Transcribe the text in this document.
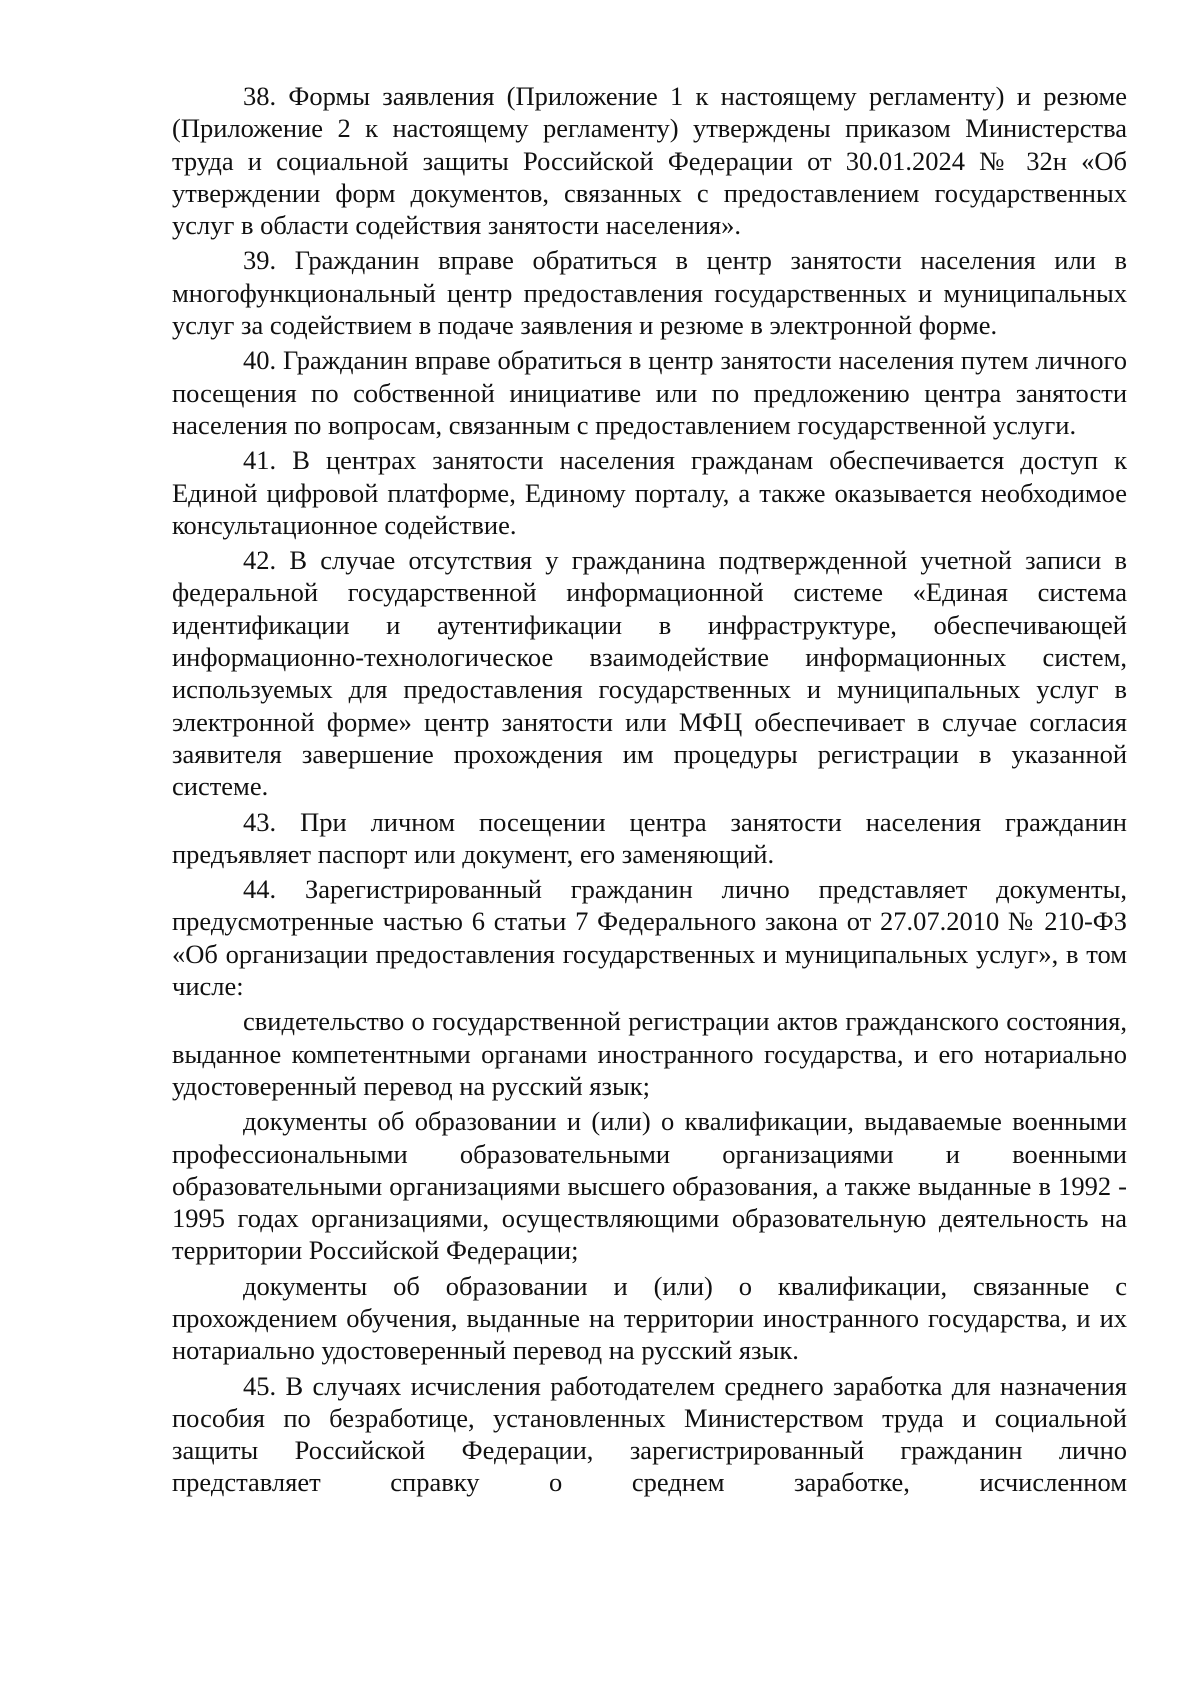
38. Формы заявления (Приложение 1 к настоящему регламенту) и резюме (Приложение 2 к настоящему регламенту) утверждены приказом Министерства труда и социальной защиты Российской Федерации от 30.01.2024 № 32н «Об утверждении форм документов, связанных с предоставлением государственных услуг в области содействия занятости населения».

39. Гражданин вправе обратиться в центр занятости населения или в многофункциональный центр предоставления государственных и муниципальных услуг за содействием в подаче заявления и резюме в электронной форме.

40. Гражданин вправе обратиться в центр занятости населения путем личного посещения по собственной инициативе или по предложению центра занятости населения по вопросам, связанным с предоставлением государственной услуги.

41. В центрах занятости населения гражданам обеспечивается доступ к Единой цифровой платформе, Единому порталу, а также оказывается необходимое консультационное содействие.

42. В случае отсутствия у гражданина подтвержденной учетной записи в федеральной государственной информационной системе «Единая система идентификации и аутентификации в инфраструктуре, обеспечивающей информационно-технологическое взаимодействие информационных систем, используемых для предоставления государственных и муниципальных услуг в электронной форме» центр занятости или МФЦ обеспечивает в случае согласия заявителя завершение прохождения им процедуры регистрации в указанной системе.

43. При личном посещении центра занятости населения гражданин предъявляет паспорт или документ, его заменяющий.

44. Зарегистрированный гражданин лично представляет документы, предусмотренные частью 6 статьи 7 Федерального закона от 27.07.2010 № 210-ФЗ «Об организации предоставления государственных и муниципальных услуг», в том числе:

свидетельство о государственной регистрации актов гражданского состояния, выданное компетентными органами иностранного государства, и его нотариально удостоверенный перевод на русский язык;

документы об образовании и (или) о квалификации, выдаваемые военными профессиональными образовательными организациями и военными образовательными организациями высшего образования, а также выданные в 1992 - 1995 годах организациями, осуществляющими образовательную деятельность на территории Российской Федерации;

документы об образовании и (или) о квалификации, связанные с прохождением обучения, выданные на территории иностранного государства, и их нотариально удостоверенный перевод на русский язык.

45. В случаях исчисления работодателем среднего заработка для назначения пособия по безработице, установленных Министерством труда и социальной защиты Российской Федерации, зарегистрированный гражданин лично представляет справку о среднем заработке, исчисленном
